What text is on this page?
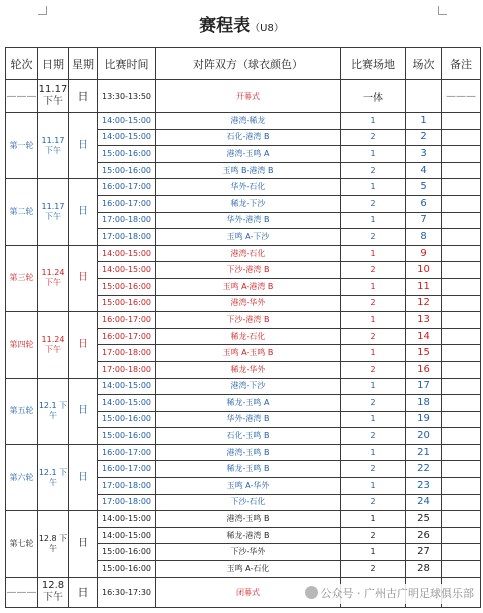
赛程表（U8）
轮次	日期	星期	比赛时间	对阵双方（球衣颜色）	比赛场地	场次	备注
———	11.17 下午	日	13:30-13:50	开幕式	一体		———
第一轮	11.17 下午	日	14:00-15:00	港湾-稀龙	1	1	
			14:00-15:00	石化-港湾 B	2	2	
			15:00-16:00	港湾-玉鸣 A	1	3	
			15:00-16:00	玉鸣 B-港湾 B	2	4	
第二轮	11.17 下午	日	16:00-17:00	华外-石化	1	5	
			16:00-17:00	稀龙-下沙	2	6	
			17:00-18:00	华外-港湾 B	1	7	
			17:00-18:00	玉鸣 A-下沙	2	8	
第三轮	11.24 下午	日	14:00-15:00	港湾-石化	1	9	
			14:00-15:00	下沙-港湾 B	2	10	
			15:00-16:00	玉鸣 A-港湾 B	1	11	
			15:00-16:00	港湾-华外	2	12	
第四轮	11.24 下午	日	16:00-17:00	下沙-港湾 B	1	13	
			16:00-17:00	稀龙-石化	2	14	
			17:00-18:00	玉鸣 A-玉鸣 B	1	15	
			17:00-18:00	稀龙-华外	2	16	
第五轮	12.1 下午	日	14:00-15:00	港湾-下沙	1	17	
			14:00-15:00	稀龙-玉鸣 A	2	18	
			15:00-16:00	华外-港湾 B	1	19	
			15:00-16:00	石化-玉鸣 B	2	20	
第六轮	12.1 下午	日	16:00-17:00	港湾-玉鸣 B	1	21	
			16:00-17:00	稀龙-玉鸣 B	2	22	
			17:00-18:00	玉鸣 A-华外	1	23	
			17:00-18:00	下沙-石化	2	24	
第七轮	12.8 下午	日	14:00-15:00	港湾-玉鸣 B	1	25	
			14:00-15:00	稀龙-港湾 B	2	26	
			15:00-16:00	下沙-华外	1	27	
			15:00-16:00	玉鸣 A-石化	2	28	
———	12.8 下午	日	16:30-17:30	闭幕式				公众号 · 广州古广明足球俱乐部
